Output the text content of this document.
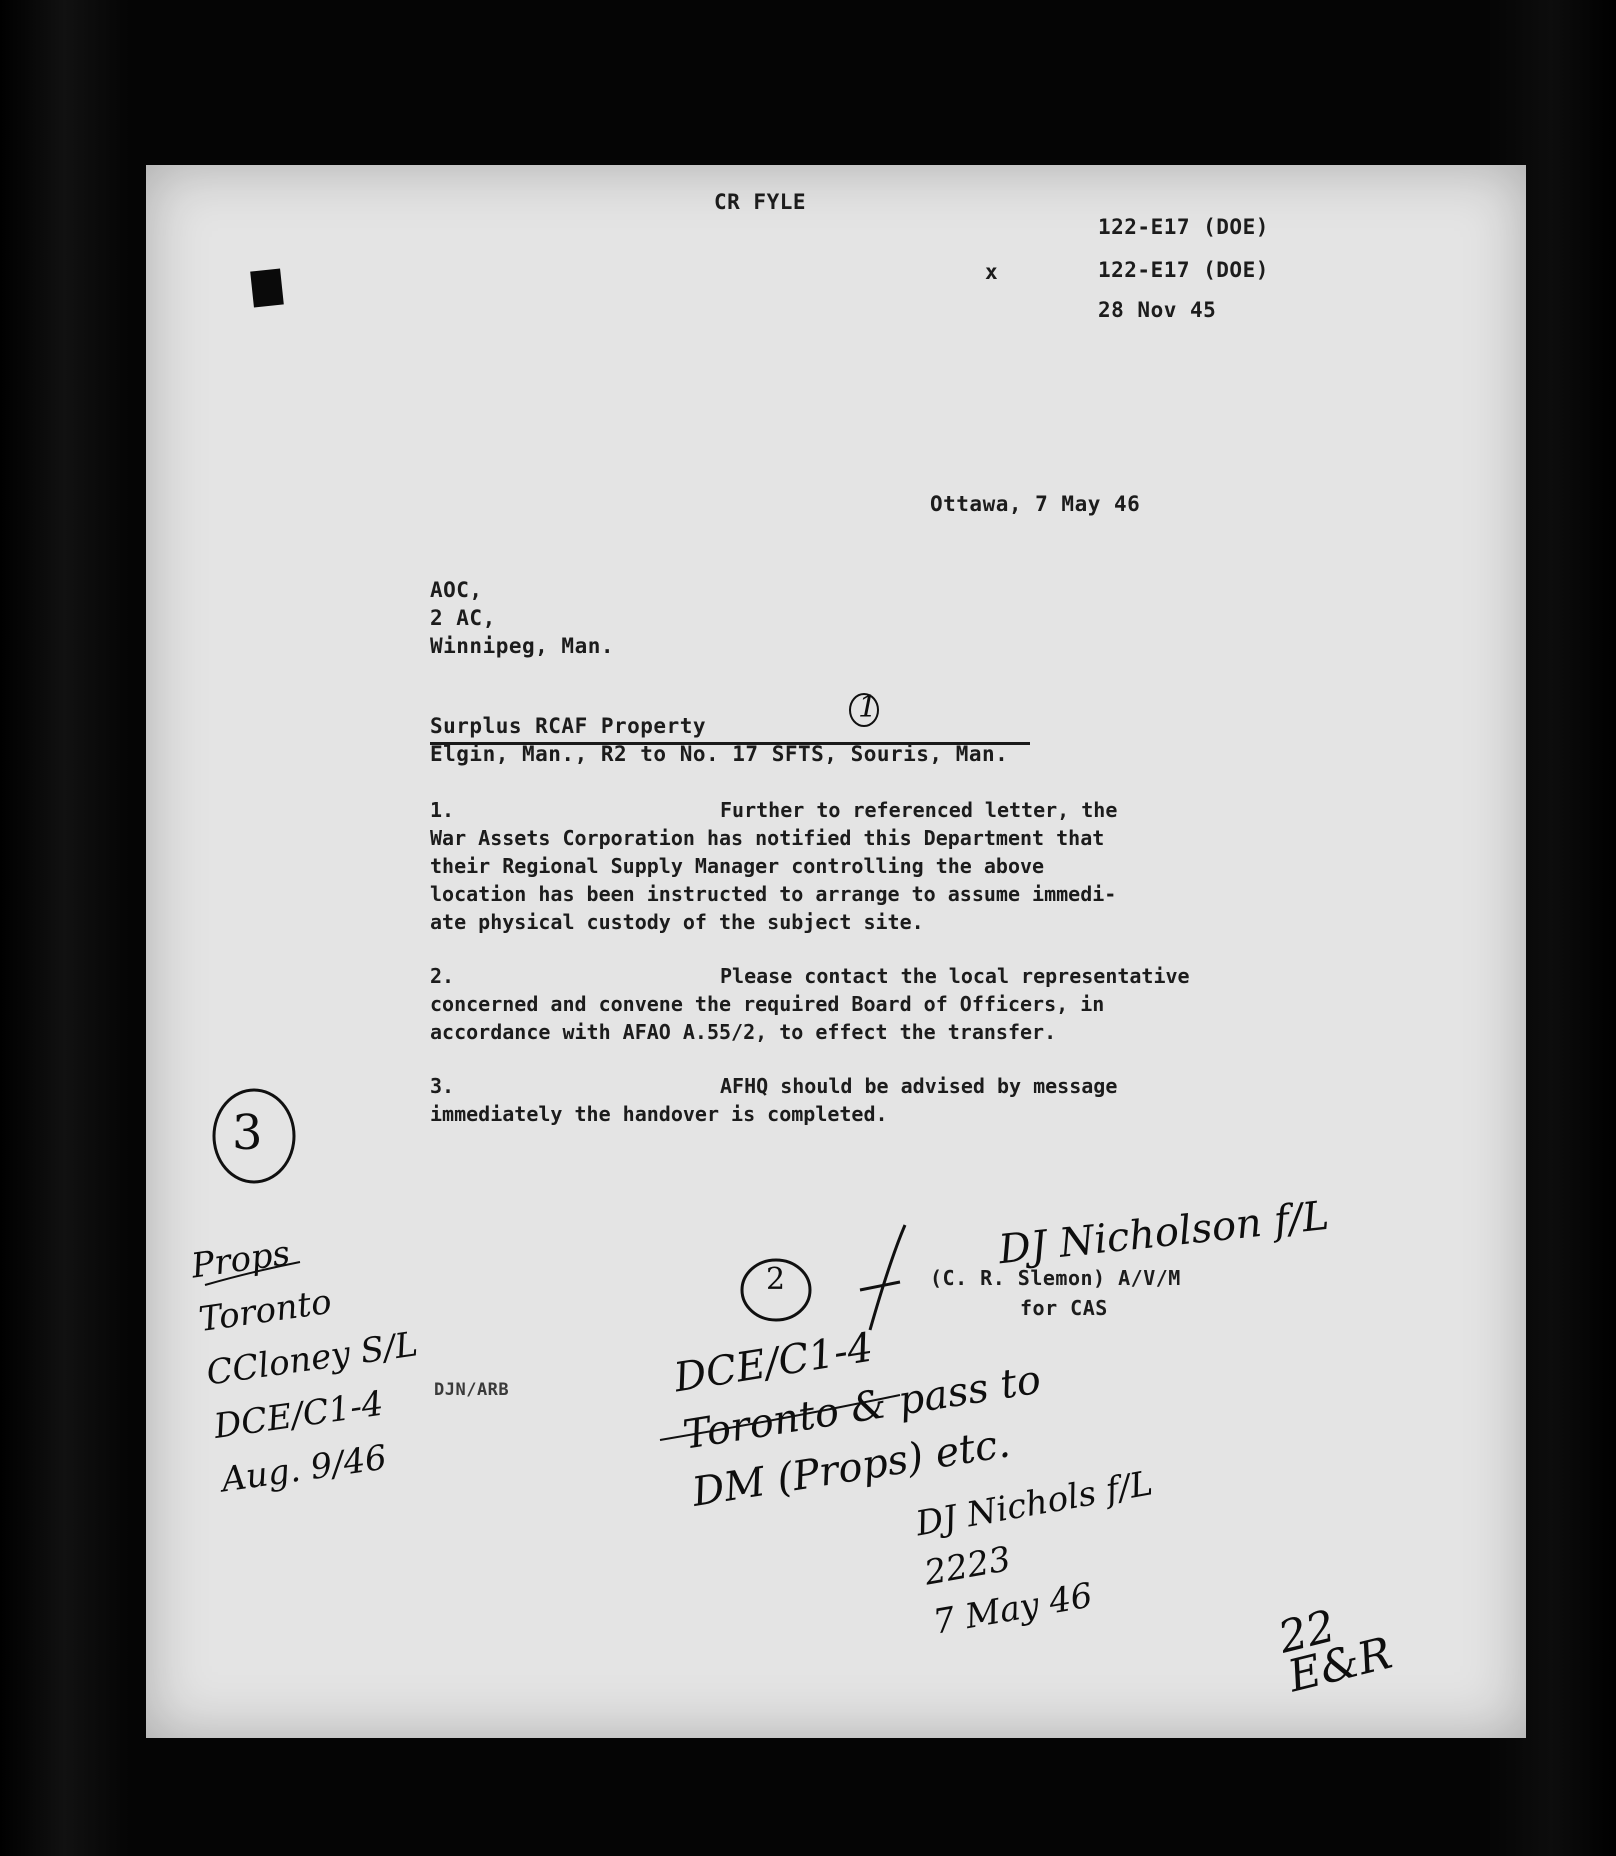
CR FYLE
122-E17 (DOE)
x	122-E17 (DOE)
28 Nov 45
Ottawa, 7 May 46
AOC,
2 AC,
Winnipeg, Man.
Surplus RCAF Property
Elgin, Man., R2 to No. 17 SFTS, Souris, Man.
1
1.	Further to referenced letter, the
War Assets Corporation has notified this Department that
their Regional Supply Manager controlling the above
location has been instructed to arrange to assume immedi-
ate physical custody of the subject site.
2.	Please contact the local representative
concerned and convene the required Board of Officers, in
accordance with AFAO A.55/2, to effect the transfer.
3.	AFHQ should be advised by message
immediately the handover is completed.
DJ Nicholson f/L
(C. R. Slemon) A/V/M
for CAS
DJN/ARB
3
2
Props
Toronto
CCloney S/L
DCE/C1-4
Aug. 9/46
DCE/C1-4
Toronto & pass to
DM (Props) etc.
DJ Nichols f/L
2223
7 May 46	22
E&R
